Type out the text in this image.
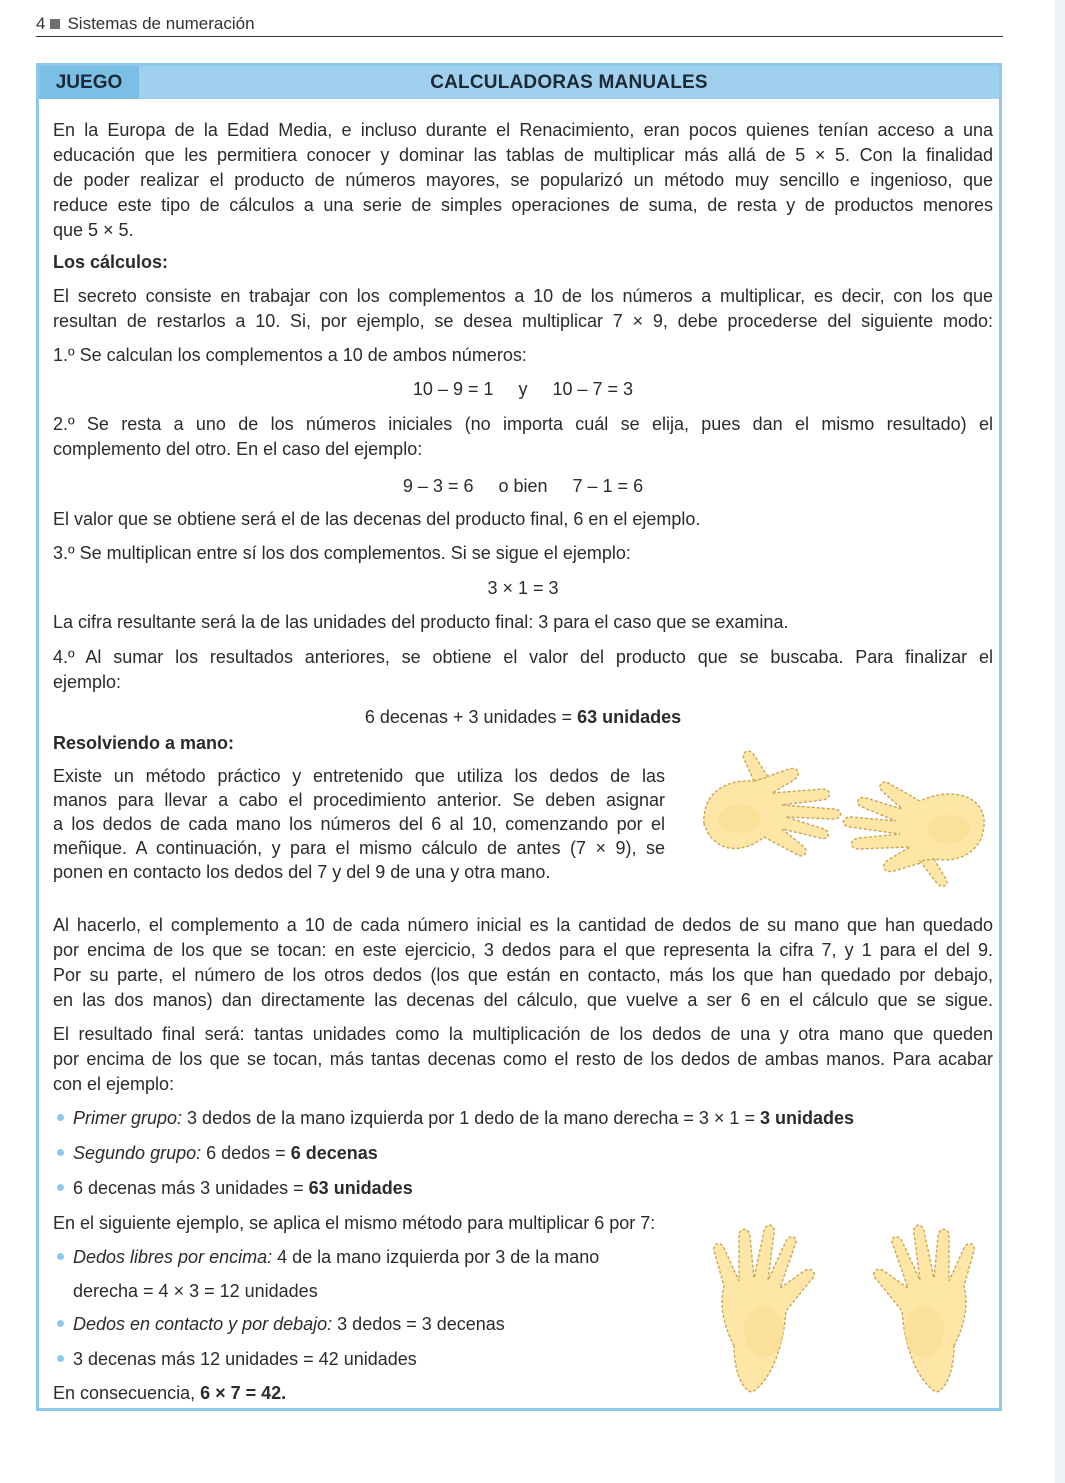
4 Sistemas de numeración
JUEGO	CALCULADORAS MANUALES
En la Europa de la Edad Media, e incluso durante el Renacimiento, eran pocos quienes tenían acceso a una
educación que les permitiera conocer y dominar las tablas de multiplicar más allá de 5 × 5. Con la finalidad
de poder realizar el producto de números mayores, se popularizó un método muy sencillo e ingenioso, que
reduce este tipo de cálculos a una serie de simples operaciones de suma, de resta y de productos menores
que 5 × 5.
Los cálculos:
El secreto consiste en trabajar con los complementos a 10 de los números a multiplicar, es decir, con los que
resultan de restarlos a 10. Si, por ejemplo, se desea multiplicar 7 × 9, debe procederse del siguiente modo:
1.º Se calculan los complementos a 10 de ambos números:
10 – 9 = 1     y     10 – 7 = 3
2.º Se resta a uno de los números iniciales (no importa cuál se elija, pues dan el mismo resultado) el
complemento del otro. En el caso del ejemplo:
9 – 3 = 6     o bien     7 – 1 = 6
El valor que se obtiene será el de las decenas del producto final, 6 en el ejemplo.
3.º Se multiplican entre sí los dos complementos. Si se sigue el ejemplo:
3 × 1 = 3
La cifra resultante será la de las unidades del producto final: 3 para el caso que se examina.
4.º Al sumar los resultados anteriores, se obtiene el valor del producto que se buscaba. Para finalizar el
ejemplo:
6 decenas + 3 unidades = 63 unidades
Resolviendo a mano:
Existe un método práctico y entretenido que utiliza los dedos de las
manos para llevar a cabo el procedimiento anterior. Se deben asignar
a los dedos de cada mano los números del 6 al 10, comenzando por el
meñique. A continuación, y para el mismo cálculo de antes (7 × 9), se
ponen en contacto los dedos del 7 y del 9 de una y otra mano.
Al hacerlo, el complemento a 10 de cada número inicial es la cantidad de dedos de su mano que han quedado
por encima de los que se tocan: en este ejercicio, 3 dedos para el que representa la cifra 7, y 1 para el del 9.
Por su parte, el número de los otros dedos (los que están en contacto, más los que han quedado por debajo,
en las dos manos) dan directamente las decenas del cálculo, que vuelve a ser 6 en el cálculo que se sigue.
El resultado final será: tantas unidades como la multiplicación de los dedos de una y otra mano que queden
por encima de los que se tocan, más tantas decenas como el resto de los dedos de ambas manos. Para acabar
con el ejemplo:
Primer grupo: 3 dedos de la mano izquierda por 1 dedo de la mano derecha = 3 × 1 = 3 unidades
Segundo grupo: 6 dedos = 6 decenas
6 decenas más 3 unidades = 63 unidades
En el siguiente ejemplo, se aplica el mismo método para multiplicar 6 por 7:
Dedos libres por encima: 4 de la mano izquierda por 3 de la mano
derecha = 4 × 3 = 12 unidades
Dedos en contacto y por debajo: 3 dedos = 3 decenas
3 decenas más 12 unidades = 42 unidades
En consecuencia, 6 × 7 = 42.
